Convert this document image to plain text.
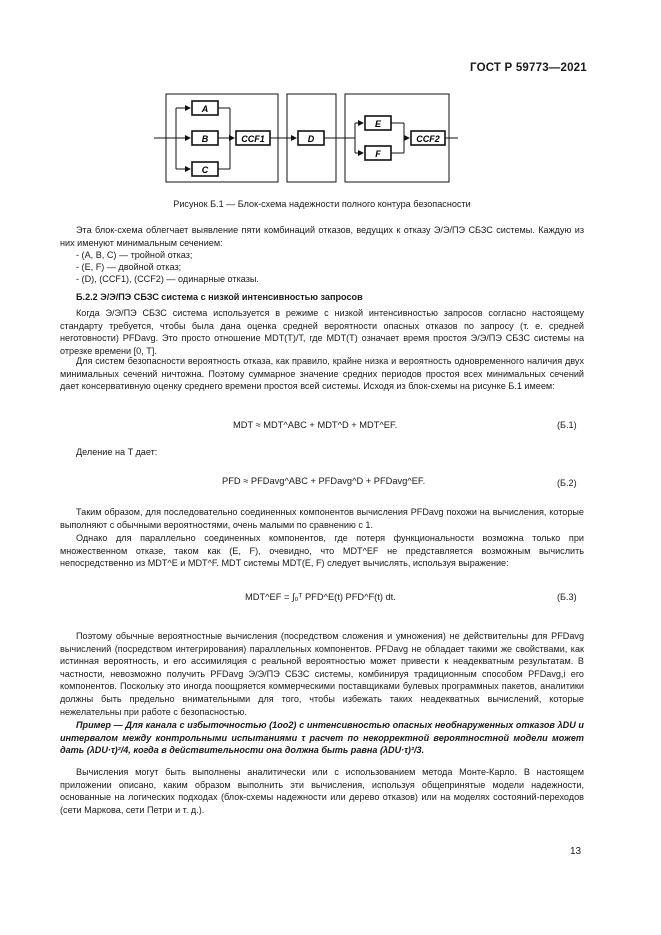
ГОСТ Р 59773—2021
A
B
C
CCF1	D
E
F
CCF2
Рисунок Б.1 — Блок-схема надежности полного контура безопасности
Эта блок-схема облегчает выявление пяти комбинаций отказов, ведущих к отказу Э/Э/ПЭ СБЗС системы. Каждую из них именуют минимальным сечением:
- (A, B, C) — тройной отказ;
- (E, F) — двойной отказ;
- (D), (CCF1), (CCF2) — одинарные отказы.
Б.2.2 Э/Э/ПЭ СБЗС система с низкой интенсивностью запросов
Когда Э/Э/ПЭ СБЗС система используется в режиме с низкой интенсивностью запросов согласно настоящему стандарту требуется, чтобы была дана оценка средней вероятности опасных отказов по запросу (т. е. средней неготовности) PFDavg. Это просто отношение MDT(T)/T, где MDT(T) означает время простоя Э/Э/ПЭ СБЗС системы на отрезке времени [0, T].
Для систем безопасности вероятность отказа, как правило, крайне низка и вероятность одновременного наличия двух минимальных сечений ничтожна. Поэтому суммарное значение средних периодов простоя всех минимальных сечений дает консервативную оценку среднего времени простоя всей системы. Исходя из блок-схемы на рисунке Б.1 имеем:
MDT ≈ MDT^ABC + MDT^D + MDT^EF.	(Б.1)
Деление на T дает:
PFD ≈ PFDavg^ABC + PFDavg^D + PFDavg^EF.	(Б.2)
Таким образом, для последовательно соединенных компонентов вычисления PFDavg похожи на вычисления, которые выполняют с обычными вероятностями, очень малыми по сравнению с 1.
Однако для параллельно соединенных компонентов, где потеря функциональности возможна только при множественном отказе, таком как (E, F), очевидно, что MDT^EF не представляется возможным вычислить непосредственно из MDT^E и MDT^F. MDT системы MDT(E, F) следует вычислять, используя выражение:
MDT^EF = ∫₀ᵀ PFD^E(t) PFD^F(t) dt.	(Б.3)
Поэтому обычные вероятностные вычисления (посредством сложения и умножения) не действительны для PFDavg вычислений (посредством интегрирования) параллельных компонентов. PFDavg не обладает такими же свойствами, как истинная вероятность, и его ассимиляция с реальной вероятностью может привести к неадекватным результатам. В частности, невозможно получить PFDavg Э/Э/ПЭ СБЗС системы, комбинируя традиционным способом PFDavg,i его компонентов. Поскольку это иногда поощряется коммерческими поставщиками булевых программных пакетов, аналитики должны быть предельно внимательными для того, чтобы избежать таких неадекватных вычислений, которые нежелательны при работе с безопасностью.
Пример — Для канала с избыточностью (1оо2) с интенсивностью опасных необнаруженных отказов λDU и интервалом между контрольными испытаниями τ расчет по некорректной вероятностной модели может дать (λDU·τ)²/4, когда в действительности она должна быть равна (λDU·τ)²/3.
Вычисления могут быть выполнены аналитически или с использованием метода Монте-Карло. В настоящем приложении описано, каким образом выполнить эти вычисления, используя общепринятые модели надежности, основанные на логических подходах (блок-схемы надежности или дерево отказов) или на моделях состояний-переходов (сети Маркова, сети Петри и т. д.).
13
